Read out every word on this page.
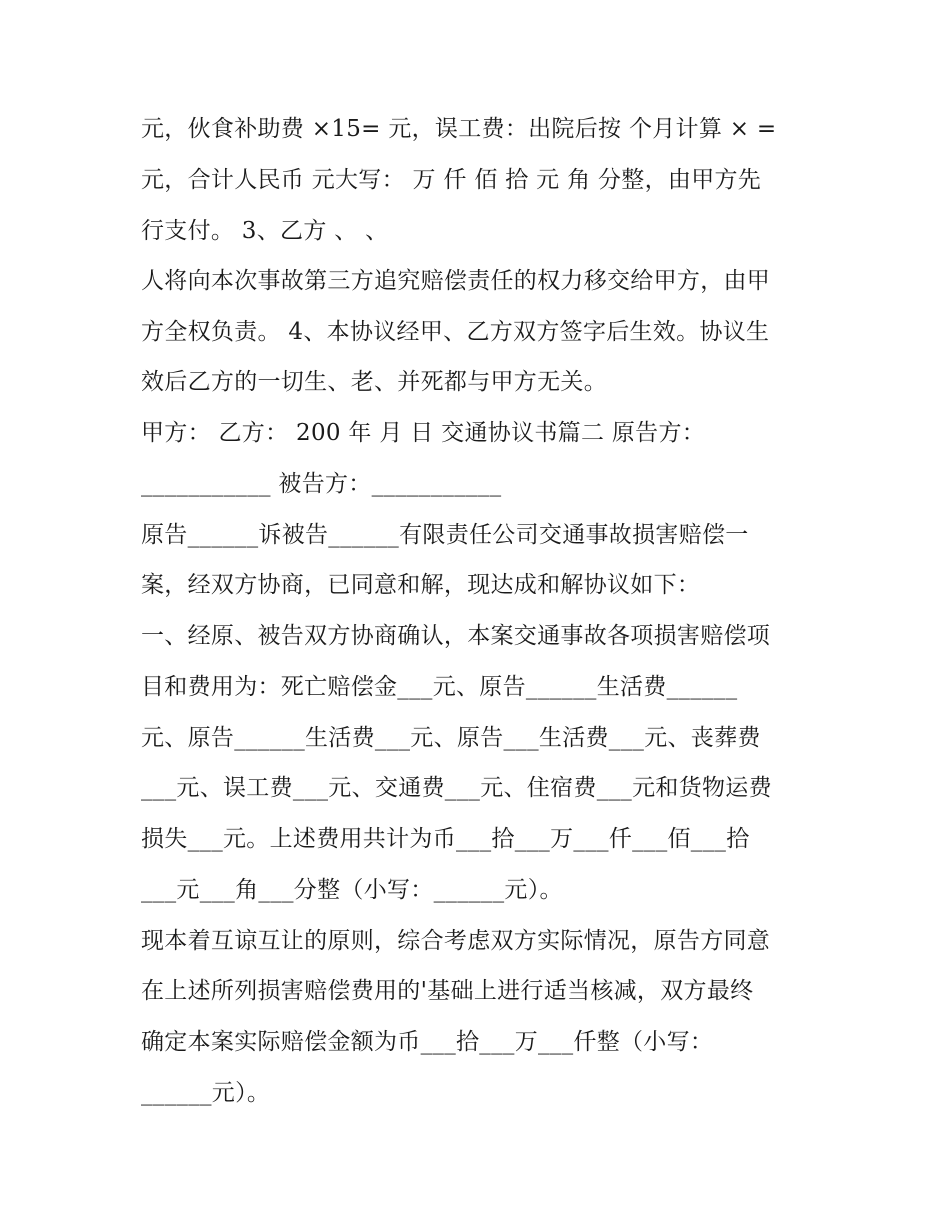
元，伙食补助费 ×15= 元，误工费：出院后按 个月计算 × =
元，合计人民币 元大写： 万 仟 佰 拾 元 角 分整，由甲方先
行支付。 3、乙方 、 、
人将向本次事故第三方追究赔偿责任的权力移交给甲方，由甲
方全权负责。 4、本协议经甲、乙方双方签字后生效。协议生
效后乙方的一切生、老、并死都与甲方无关。
甲方： 乙方： 200 年 月 日 交通协议书篇二 原告方：
___________ 被告方：___________
原告______诉被告______有限责任公司交通事故损害赔偿一
案，经双方协商，已同意和解，现达成和解协议如下：
一、经原、被告双方协商确认，本案交通事故各项损害赔偿项
目和费用为：死亡赔偿金___元、原告______生活费______
元、原告______生活费___元、原告___生活费___元、丧葬费
___元、误工费___元、交通费___元、住宿费___元和货物运费
损失___元。上述费用共计为币___拾___万___仟___佰___拾
___元___角___分整（小写：______元）。
现本着互谅互让的原则，综合考虑双方实际情况，原告方同意
在上述所列损害赔偿费用的'基础上进行适当核减，双方最终
确定本案实际赔偿金额为币___拾___万___仟整（小写：
______元）。
